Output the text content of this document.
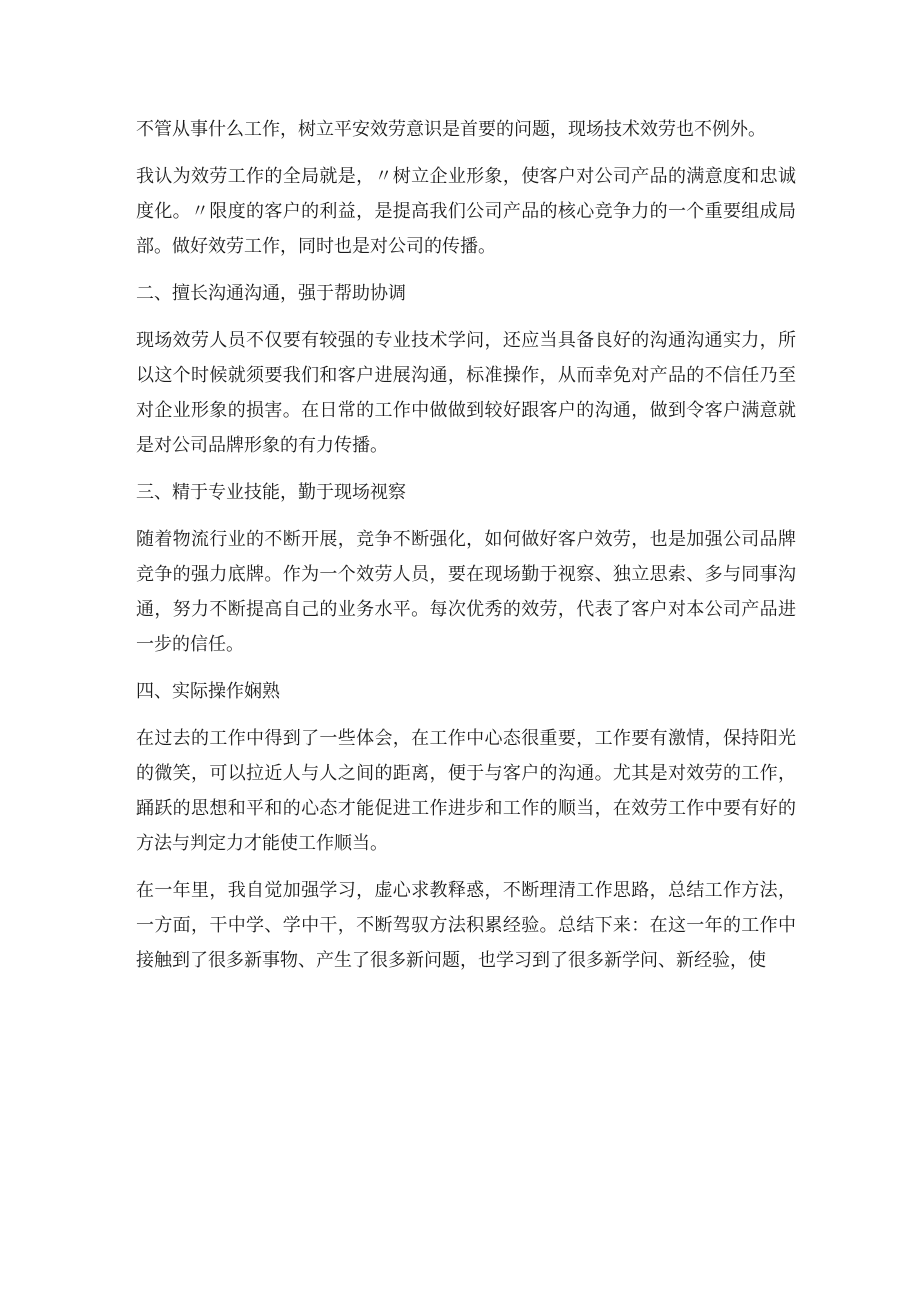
不管从事什么工作，树立平安效劳意识是首要的问题，现场技术效劳也不例外。

我认为效劳工作的全局就是，〃树立企业形象，使客户对公司产品的满意度和忠诚度化。〃限度的客户的利益，是提高我们公司产品的核心竞争力的一个重要组成局部。做好效劳工作，同时也是对公司的传播。

二、擅长沟通沟通，强于帮助协调

现场效劳人员不仅要有较强的专业技术学问，还应当具备良好的沟通沟通实力，所以这个时候就须要我们和客户进展沟通，标准操作，从而幸免对产品的不信任乃至对企业形象的损害。在日常的工作中做做到较好跟客户的沟通，做到令客户满意就是对公司品牌形象的有力传播。

三、精于专业技能，勤于现场视察

随着物流行业的不断开展，竞争不断强化，如何做好客户效劳，也是加强公司品牌竞争的强力底牌。作为一个效劳人员，要在现场勤于视察、独立思索、多与同事沟通，努力不断提高自己的业务水平。每次优秀的效劳，代表了客户对本公司产品进一步的信任。

四、实际操作娴熟

在过去的工作中得到了一些体会，在工作中心态很重要，工作要有激情，保持阳光的微笑，可以拉近人与人之间的距离，便于与客户的沟通。尤其是对效劳的工作，踊跃的思想和平和的心态才能促进工作进步和工作的顺当，在效劳工作中要有好的方法与判定力才能使工作顺当。

在一年里，我自觉加强学习，虚心求教释惑，不断理清工作思路，总结工作方法，一方面，干中学、学中干，不断驾驭方法积累经验。总结下来：在这一年的工作中接触到了很多新事物、产生了很多新问题，也学习到了很多新学问、新经验，使
